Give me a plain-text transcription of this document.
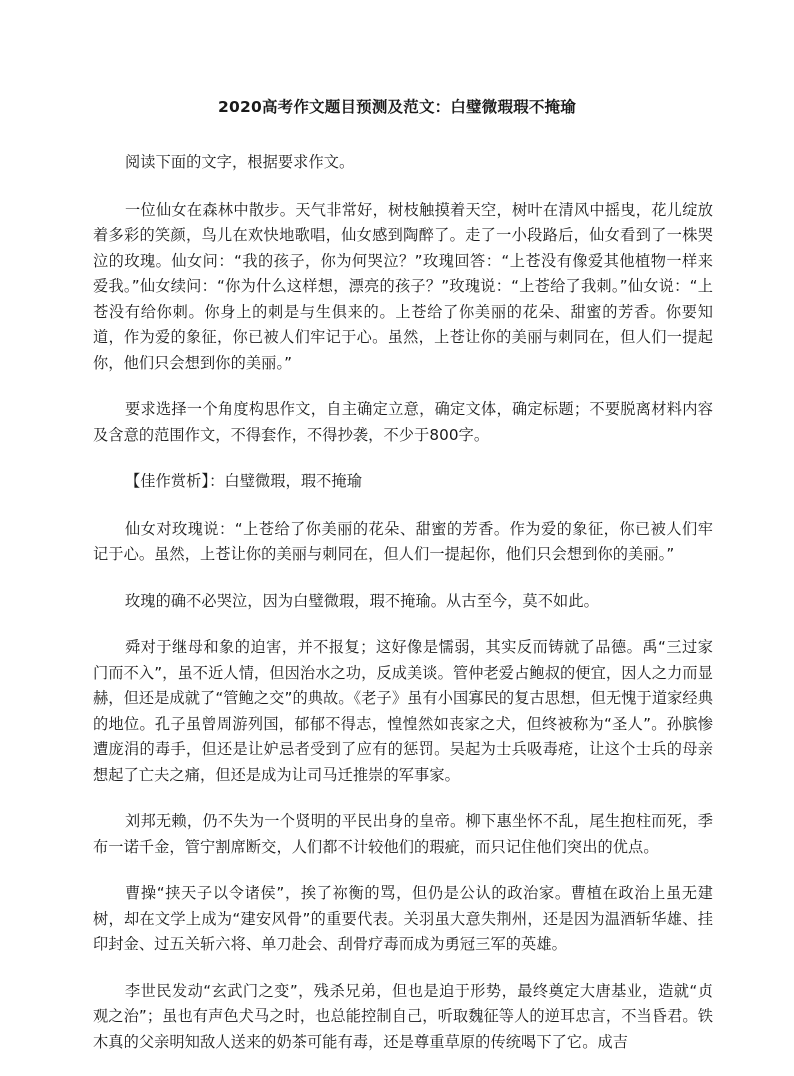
2020高考作文题目预测及范文：白璧微瑕瑕不掩瑜

阅读下面的文字，根据要求作文。

一位仙女在森林中散步。天气非常好，树枝触摸着天空，树叶在清风中摇曳，花儿绽放着多彩的笑颜，鸟儿在欢快地歌唱，仙女感到陶醉了。走了一小段路后，仙女看到了一株哭泣的玫瑰。仙女问：“我的孩子，你为何哭泣？”玫瑰回答：“上苍没有像爱其他植物一样来爱我。”仙女续问：“你为什么这样想，漂亮的孩子？”玫瑰说：“上苍给了我刺。”仙女说：“上苍没有给你刺。你身上的刺是与生俱来的。上苍给了你美丽的花朵、甜蜜的芳香。你要知道，作为爱的象征，你已被人们牢记于心。虽然，上苍让你的美丽与刺同在，但人们一提起你，他们只会想到你的美丽。”

要求选择一个角度构思作文，自主确定立意，确定文体，确定标题；不要脱离材料内容及含意的范围作文，不得套作，不得抄袭，不少于800字。

【佳作赏析】：白璧微瑕，瑕不掩瑜

仙女对玫瑰说：“上苍给了你美丽的花朵、甜蜜的芳香。作为爱的象征，你已被人们牢记于心。虽然，上苍让你的美丽与刺同在，但人们一提起你，他们只会想到你的美丽。”

玫瑰的确不必哭泣，因为白璧微瑕，瑕不掩瑜。从古至今，莫不如此。

舜对于继母和象的迫害，并不报复；这好像是懦弱，其实反而铸就了品德。禹“三过家门而不入”，虽不近人情，但因治水之功，反成美谈。管仲老爱占鲍叔的便宜，因人之力而显赫，但还是成就了“管鲍之交”的典故。《老子》虽有小国寡民的复古思想，但无愧于道家经典的地位。孔子虽曾周游列国，郁郁不得志，惶惶然如丧家之犬，但终被称为“圣人”。孙膑惨遭庞涓的毒手，但还是让妒忌者受到了应有的惩罚。吴起为士兵吸毒疮，让这个士兵的母亲想起了亡夫之痛，但还是成为让司马迁推崇的军事家。

刘邦无赖，仍不失为一个贤明的平民出身的皇帝。柳下惠坐怀不乱，尾生抱柱而死，季布一诺千金，管宁割席断交，人们都不计较他们的瑕疵，而只记住他们突出的优点。

曹操“挟天子以令诸侯”，挨了祢衡的骂，但仍是公认的政治家。曹植在政治上虽无建树，却在文学上成为“建安风骨”的重要代表。关羽虽大意失荆州，还是因为温酒斩华雄、挂印封金、过五关斩六将、单刀赴会、刮骨疗毒而成为勇冠三军的英雄。

李世民发动“玄武门之变”，残杀兄弟，但也是迫于形势，最终奠定大唐基业，造就“贞观之治”；虽也有声色犬马之时，也总能控制自己，听取魏征等人的逆耳忠言，不当昏君。铁木真的父亲明知敌人送来的奶茶可能有毒，还是尊重草原的传统喝下了它。成吉
